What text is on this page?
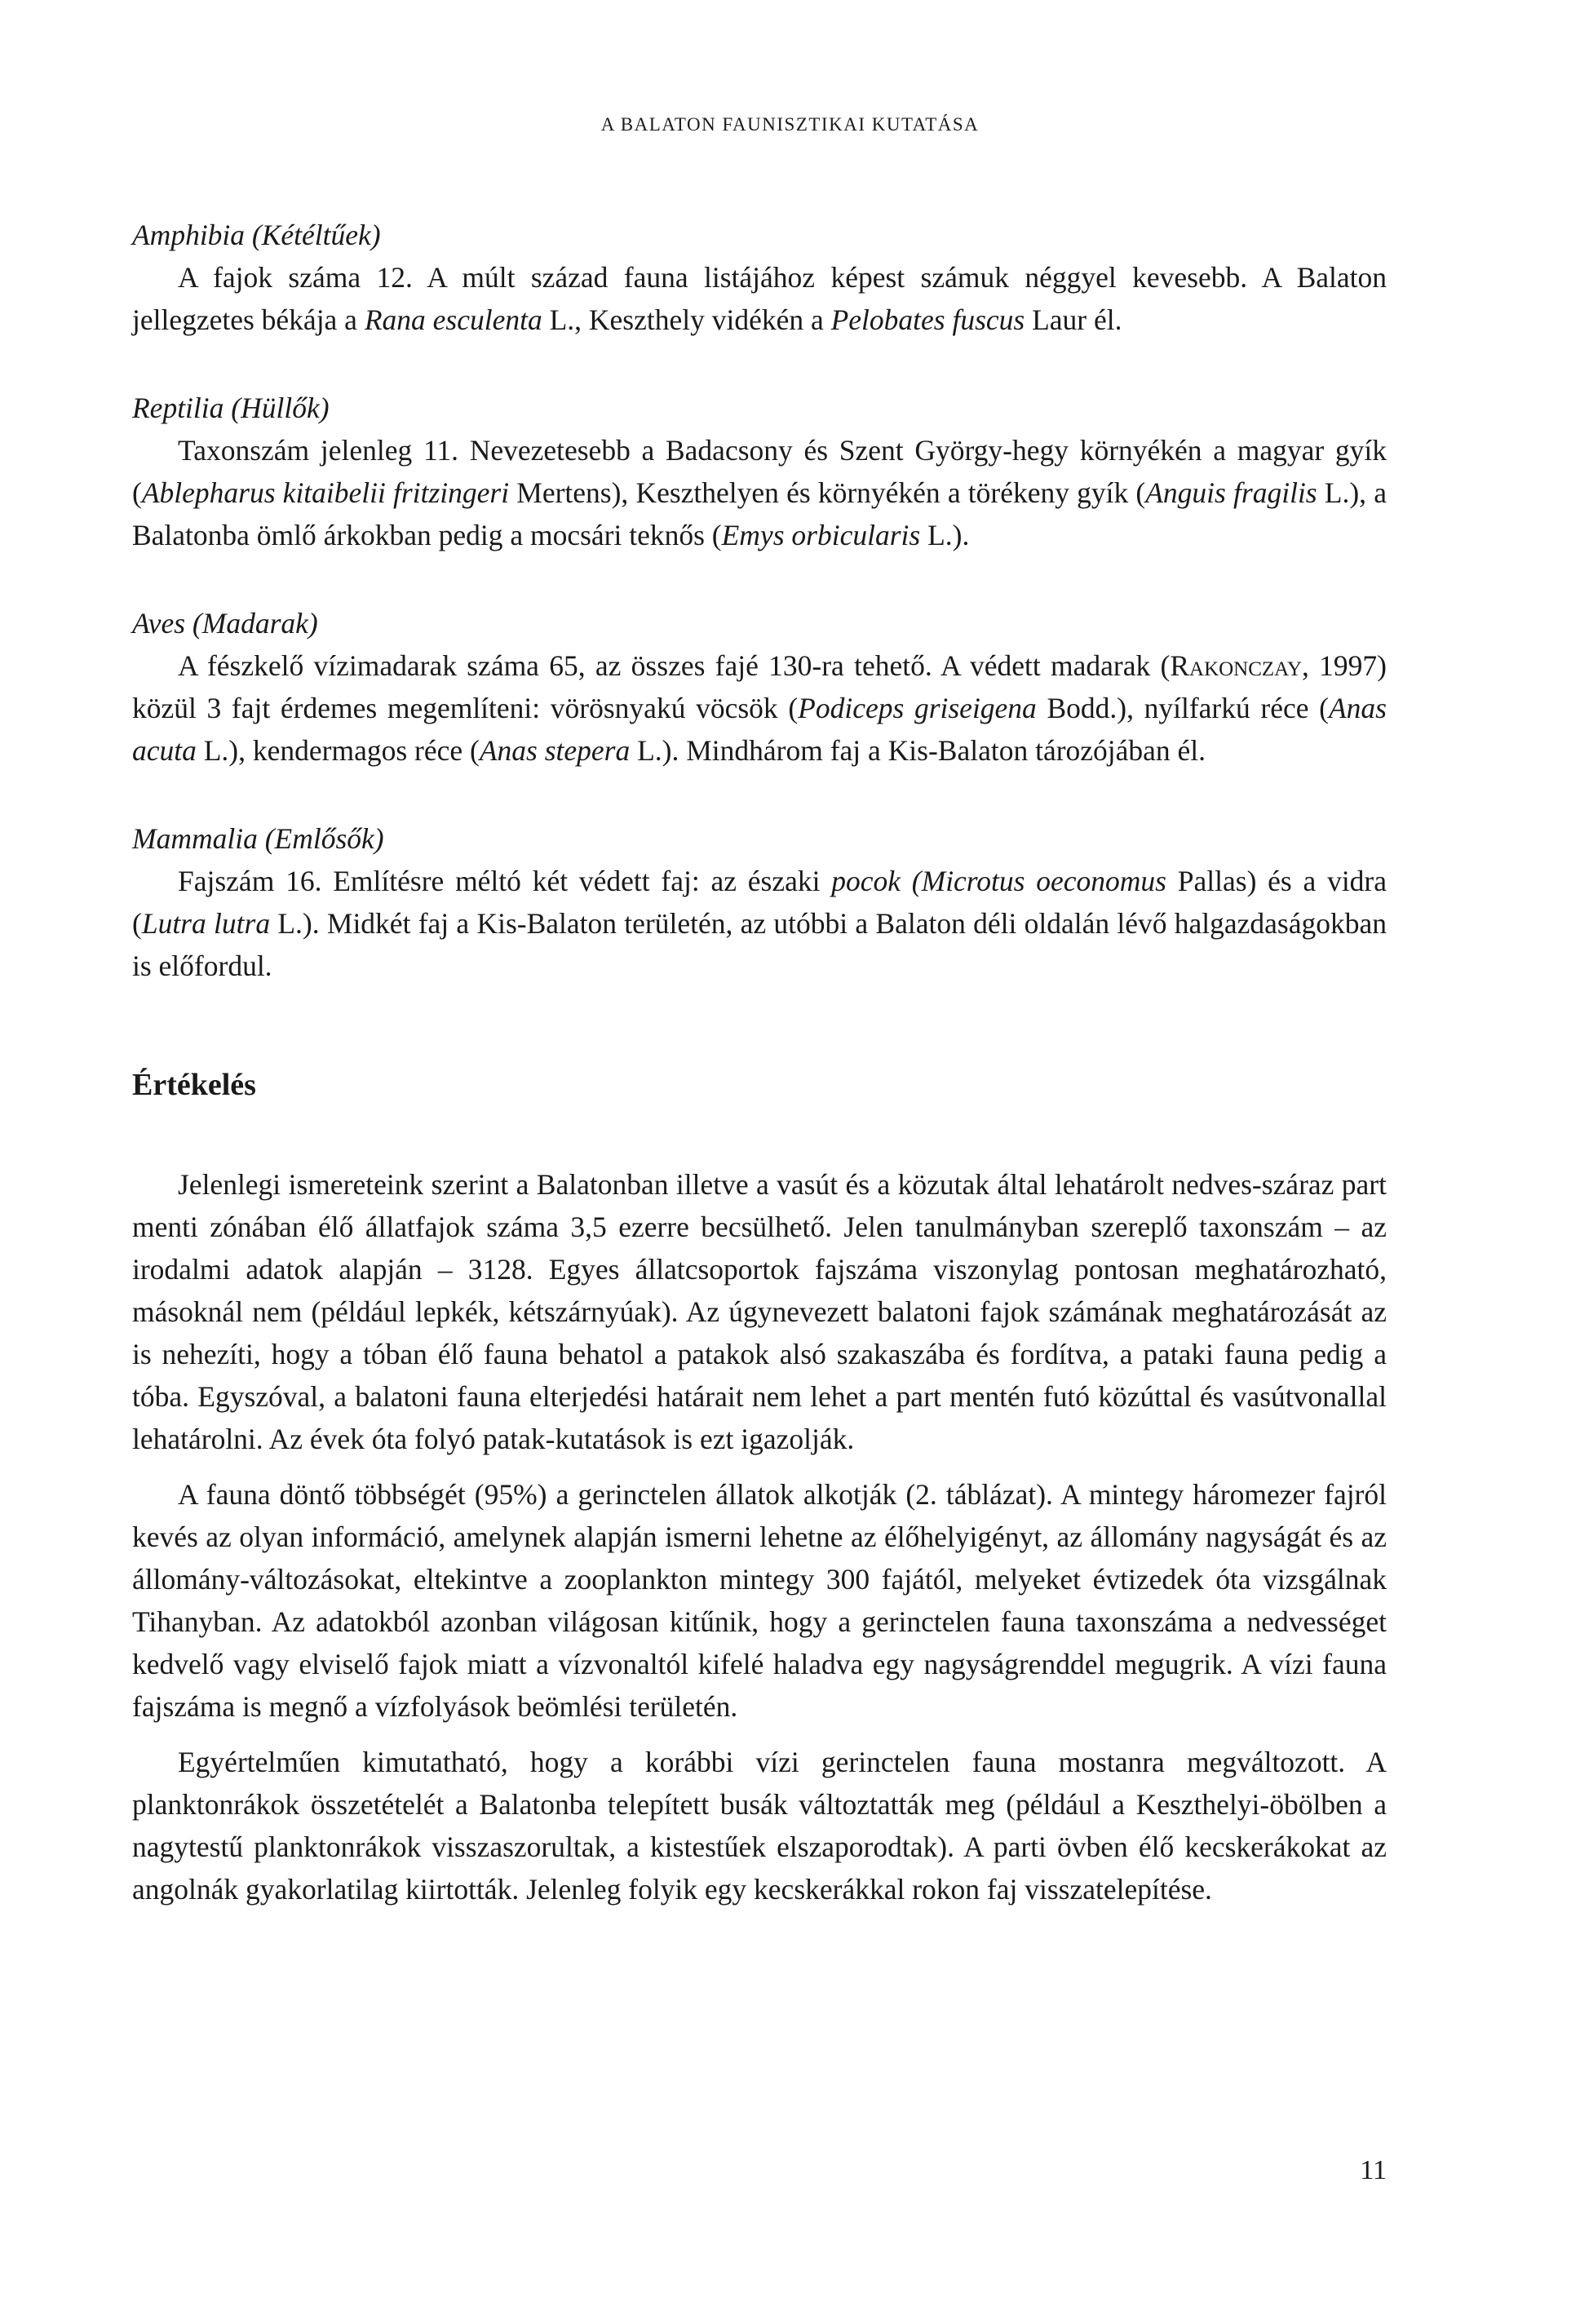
A BALATON FAUNISZTIKAI KUTATÁSA
Amphibia (Kétéltűek)

A fajok száma 12. A múlt század fauna listájához képest számuk néggyel kevesebb. A Balaton jellegzetes békája a Rana esculenta L., Keszthely vidékén a Pelobates fuscus Laur él.

Reptilia (Hüllők)

Taxonszám jelenleg 11. Nevezetesebb a Badacsony és Szent György-hegy környékén a magyar gyík (Ablepharus kitaibelii fritzingeri Mertens), Keszthelyen és környékén a törékeny gyík (Anguis fragilis L.), a Balatonba ömlő árkokban pedig a mocsári teknős (Emys orbicularis L.).

Aves (Madarak)

A fészkelő vízimadarak száma 65, az összes fajé 130-ra tehető. A védett madarak (Rakonczay, 1997) közül 3 fajt érdemes megemlíteni: vörösnyakú vöcsök (Podiceps griseigena Bodd.), nyílfarkú réce (Anas acuta L.), kendermagos réce (Anas stepera L.). Mindhárom faj a Kis-Balaton tározójában él.

Mammalia (Emlősők)

Fajszám 16. Említésre méltó két védett faj: az északi pocok (Microtus oeconomus Pallas) és a vidra (Lutra lutra L.). Midkét faj a Kis-Balaton területén, az utóbbi a Balaton déli oldalán lévő halgazdaságokban is előfordul.

Értékelés

Jelenlegi ismereteink szerint a Balatonban illetve a vasút és a közutak által lehatárolt nedves-száraz part menti zónában élő állatfajok száma 3,5 ezerre becsülhető. Jelen tanulmányban szereplő taxonszám – az irodalmi adatok alapján – 3128. Egyes állatcsoportok fajszáma viszonylag pontosan meghatározható, másoknál nem (például lepkék, kétszárnyúak). Az úgynevezett balatoni fajok számának meghatározását az is nehezíti, hogy a tóban élő fauna behatol a patakok alsó szakaszába és fordítva, a pataki fauna pedig a tóba. Egyszóval, a balatoni fauna elterjedési határait nem lehet a part mentén futó közúttal és vasútvonallal lehatárolni. Az évek óta folyó patak-kutatások is ezt igazolják.

A fauna döntő többségét (95%) a gerinctelen állatok alkotják (2. táblázat). A mintegy háromezer fajról kevés az olyan információ, amelynek alapján ismerni lehetne az élőhelyigényt, az állomány nagyságát és az állomány-változásokat, eltekintve a zooplankton mintegy 300 fajától, melyeket évtizedek óta vizsgálnak Tihanyban. Az adatokból azonban világosan kitűnik, hogy a gerinctelen fauna taxonszáma a nedvességet kedvelő vagy elviselő fajok miatt a vízvonaltól kifelé haladva egy nagyságrenddel megugrik. A vízi fauna fajszáma is megnő a vízfolyások beömlési területén.

Egyértelműen kimutatható, hogy a korábbi vízi gerinctelen fauna mostanra megváltozott. A planktonrákok összetételét a Balatonba telepített busák változtatták meg (például a Keszthelyi-öbölben a nagytestű planktonrákok visszaszorultak, a kistestűek elszaporodtak). A parti övben élő kecskerákokat az angolnák gyakorlatilag kiirtották. Jelenleg folyik egy kecskerákkal rokon faj visszatelepítése.

11
